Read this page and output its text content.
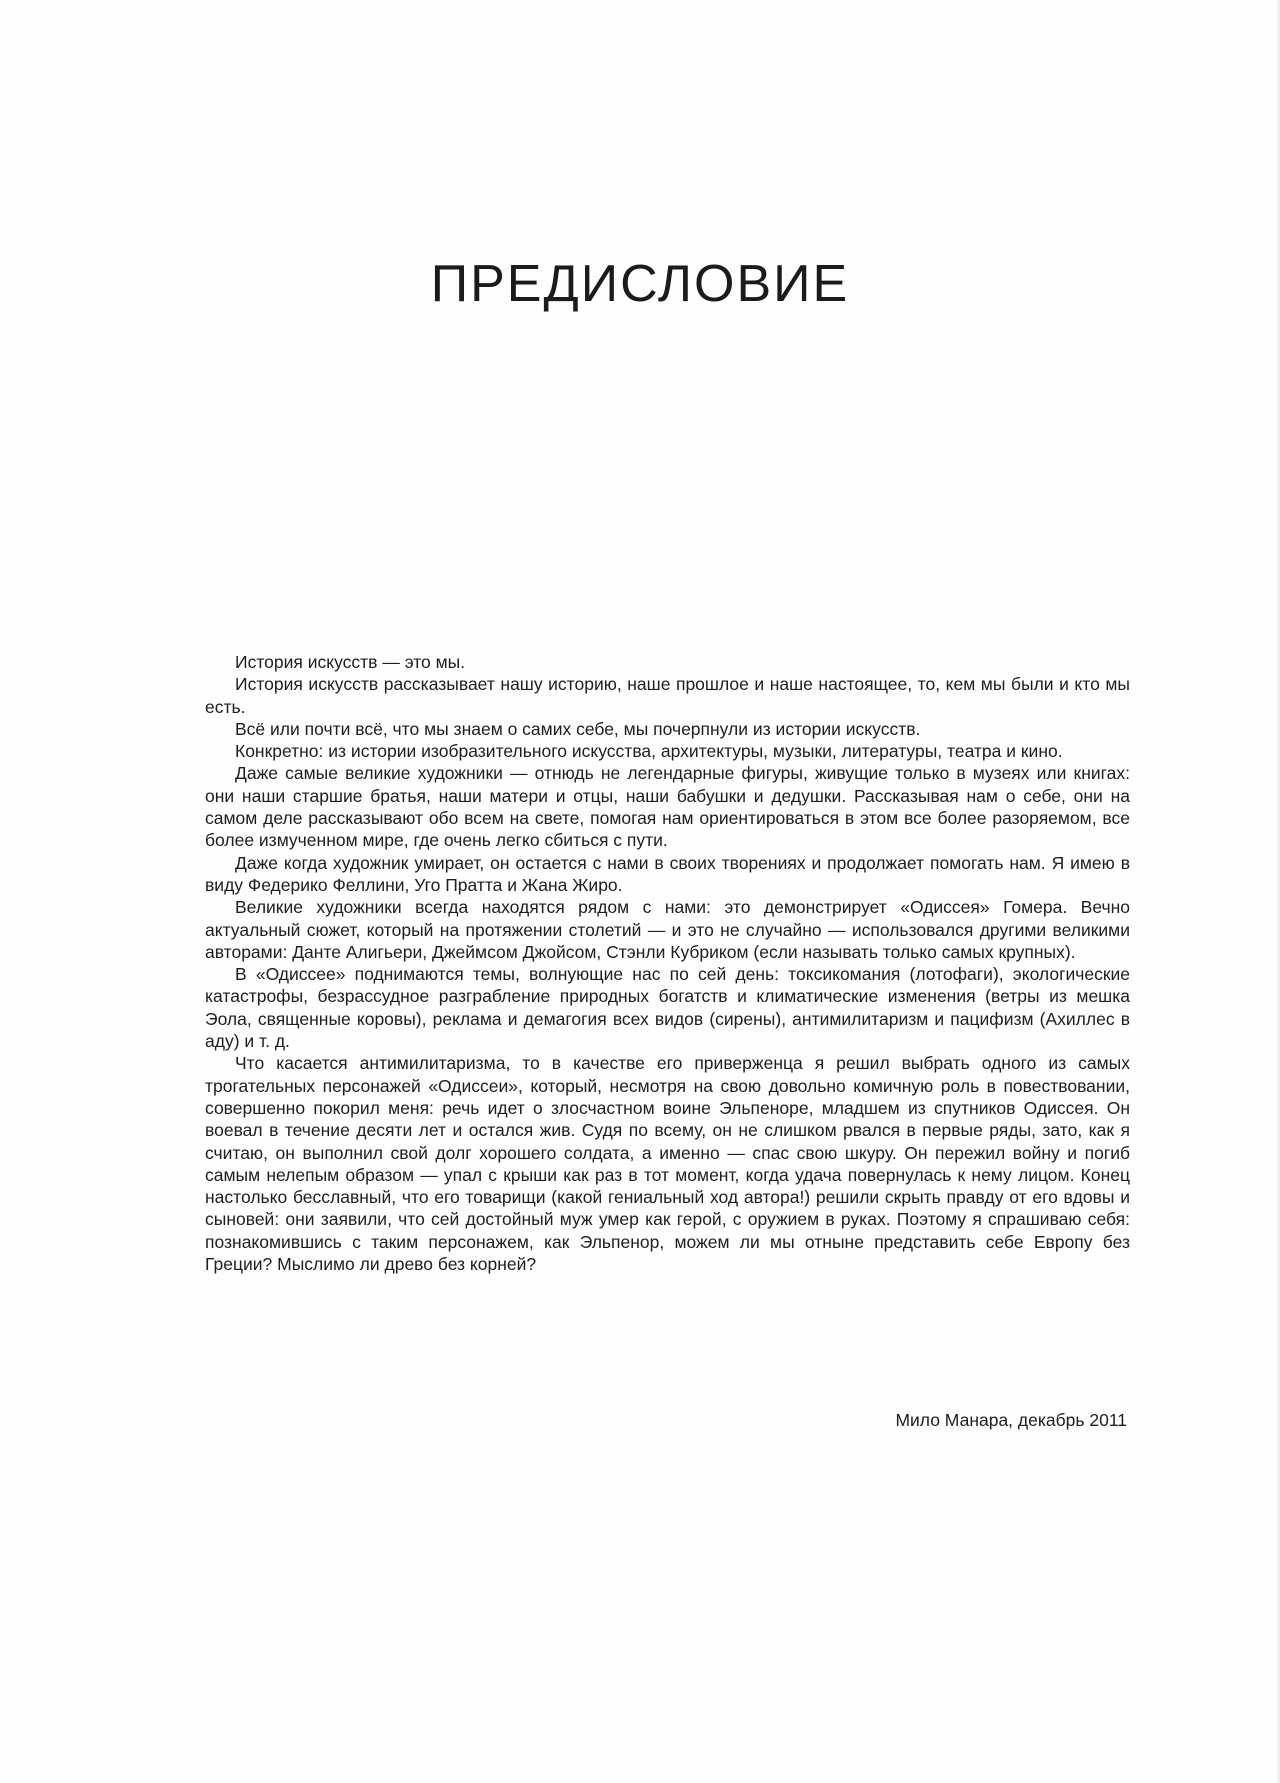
ПРЕДИСЛОВИЕ

История искусств — это мы.

История искусств рассказывает нашу историю, наше прошлое и наше настоящее, то, кем мы были и кто мы есть.

Всё или почти всё, что мы знаем о самих себе, мы почерпнули из истории искусств.

Конкретно: из истории изобразительного искусства, архитектуры, музыки, литературы, театра и кино.

Даже самые великие художники — отнюдь не легендарные фигуры, живущие только в музеях или книгах: они наши старшие братья, наши матери и отцы, наши бабушки и дедушки. Рассказывая нам о себе, они на самом деле рассказывают обо всем на свете, помогая нам ориентироваться в этом все более разоряемом, все более измученном мире, где очень легко сбиться с пути.

Даже когда художник умирает, он остается с нами в своих творениях и продолжает помогать нам. Я имею в виду Федерико Феллини, Уго Пратта и Жана Жиро.

Великие художники всегда находятся рядом с нами: это демонстрирует «Одиссея» Гомера. Вечно актуальный сюжет, который на протяжении столетий — и это не случайно — использовался другими великими авторами: Данте Алигьери, Джеймсом Джойсом, Стэнли Кубриком (если называть только самых крупных).

В «Одиссее» поднимаются темы, волнующие нас по сей день: токсикомания (лотофаги), экологические катастрофы, безрассудное разграбление природных богатств и климатические изменения (ветры из мешка Эола, священные коровы), реклама и демагогия всех видов (сирены), антимилитаризм и пацифизм (Ахиллес в аду) и т. д.

Что касается антимилитаризма, то в качестве его приверженца я решил выбрать одного из самых трогательных персонажей «Одиссеи», который, несмотря на свою довольно комичную роль в повествовании, совершенно покорил меня: речь идет о злосчастном воине Эльпеноре, младшем из спутников Одиссея. Он воевал в течение десяти лет и остался жив. Судя по всему, он не слишком рвался в первые ряды, зато, как я считаю, он выполнил свой долг хорошего солдата, а именно — спас свою шкуру. Он пережил войну и погиб самым нелепым образом — упал с крыши как раз в тот момент, когда удача повернулась к нему лицом. Конец настолько бесславный, что его товарищи (какой гениальный ход автора!) решили скрыть правду от его вдовы и сыновей: они заявили, что сей достойный муж умер как герой, с оружием в руках. Поэтому я спрашиваю себя: познакомившись с таким персонажем, как Эльпенор, можем ли мы отныне представить себе Европу без Греции? Мыслимо ли древо без корней?

Мило Манара, декабрь 2011
